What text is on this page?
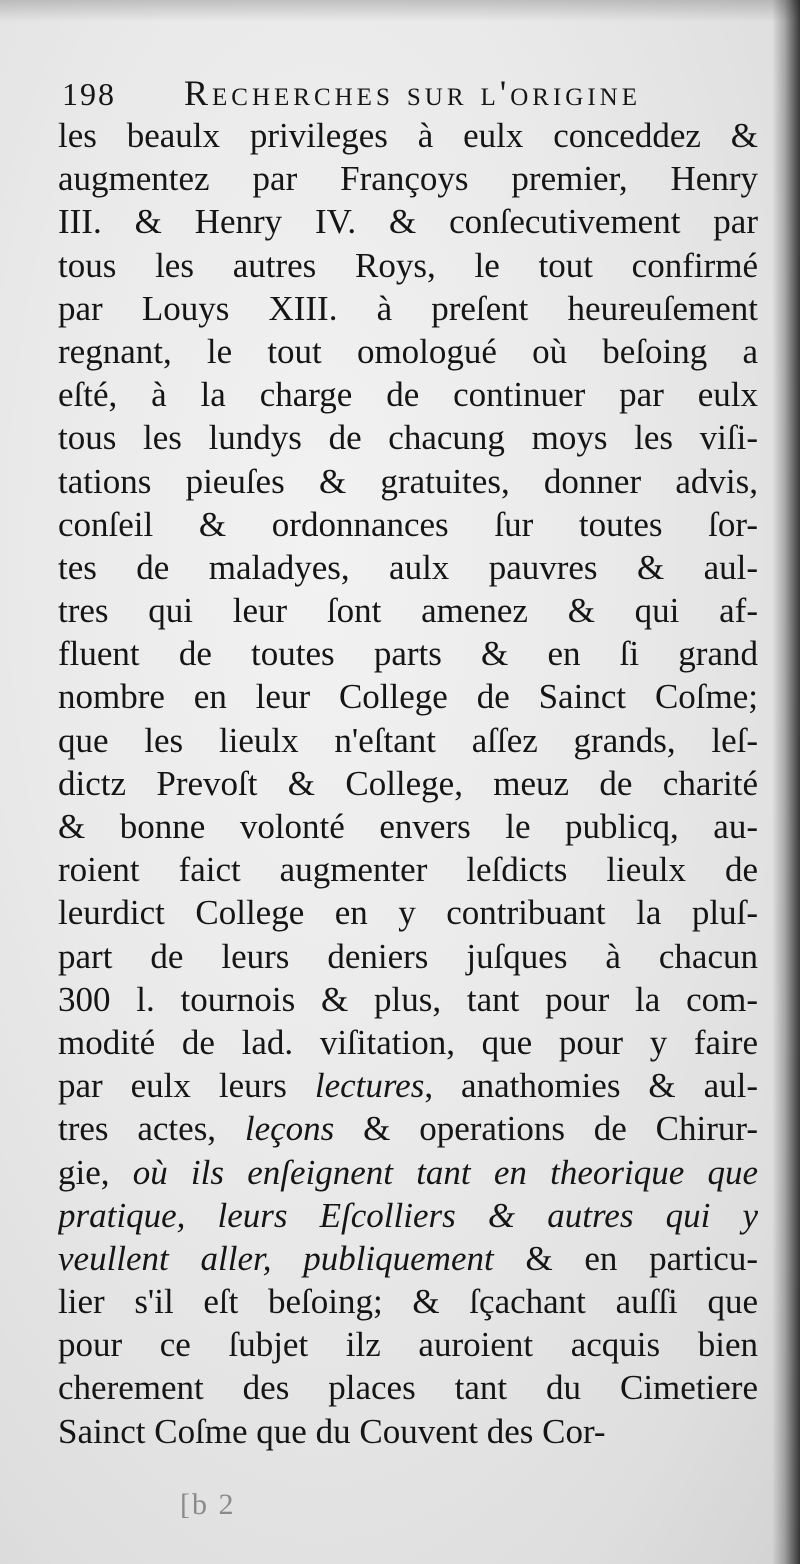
198 Recherches sur l'origine
les beaulx privileges à eulx conceddez &
augmentez par Françoys premier, Henry
III. & Henry IV. & conſecutivement par
tous les autres Roys, le tout confirmé
par Louys XIII. à preſent heureuſement
regnant, le tout omologué où beſoing a
eſté, à la charge de continuer par eulx
tous les lundys de chacung moys les viſi-
tations pieuſes & gratuites, donner advis,
conſeil & ordonnances ſur toutes ſor-
tes de maladyes, aulx pauvres & aul-
tres qui leur ſont amenez & qui af-
fluent de toutes parts & en ſi grand
nombre en leur College de Sainct Coſme;
que les lieulx n'eſtant aſſez grands, leſ-
dictz Prevoſt & College, meuz de charité
& bonne volonté envers le publicq, au-
roient faict augmenter leſdicts lieulx de
leurdict College en y contribuant la pluſ-
part de leurs deniers juſques à chacun
300 l. tournois & plus, tant pour la com-
modité de lad. viſitation, que pour y faire
par eulx leurs lectures, anathomies & aul-
tres actes, leçons & operations de Chirur-
gie, où ils enſeignent tant en theorique que
pratique, leurs Eſcolliers & autres qui y
veullent aller, publiquement & en particu-
lier s'il eſt beſoing; & ſçachant auſſi que
pour ce ſubjet ilz auroient acquis bien
cherement des places tant du Cimetiere
Sainct Coſme que du Couvent des Cor-
[b 2
